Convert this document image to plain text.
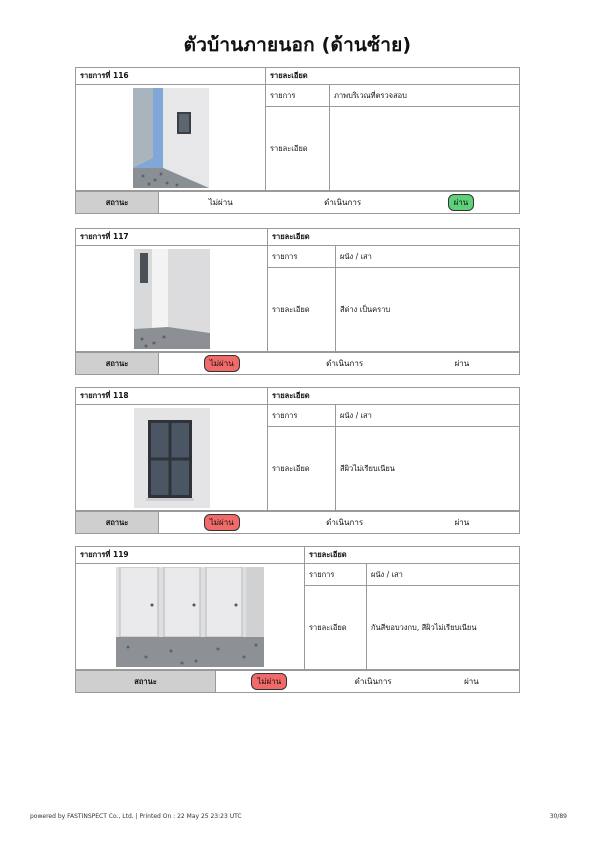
ตัวบ้านภายนอก (ด้านซ้าย)
รายการที่ 116	รายละเอียด	

	รายการ	ภาพบริเวณที่ตรวจสอบ
	รายละเอียด	
สถานะ	ไม่ผ่าน	ดำเนินการ	ผ่าน
รายการที่ 117	รายละเอียด	

	รายการ	ผนัง / เสา
	รายละเอียด	สีด่าง เป็นคราบ
สถานะ	ไม่ผ่าน	ดำเนินการ	ผ่าน
รายการที่ 118	รายละเอียด	

	รายการ	ผนัง / เสา
	รายละเอียด	สีผิวไม่เรียบเนียน
สถานะ	ไม่ผ่าน	ดำเนินการ	ผ่าน
รายการที่ 119	รายละเอียด	

	รายการ	ผนัง / เสา
	รายละเอียด	กันสีขอบวงกบ, สีผิวไม่เรียบเนียน
สถานะ	ไม่ผ่าน	ดำเนินการ	ผ่าน
powered by FASTINSPECT Co., Ltd. | Printed On : 22 May 25 23:23 UTC	30/89
